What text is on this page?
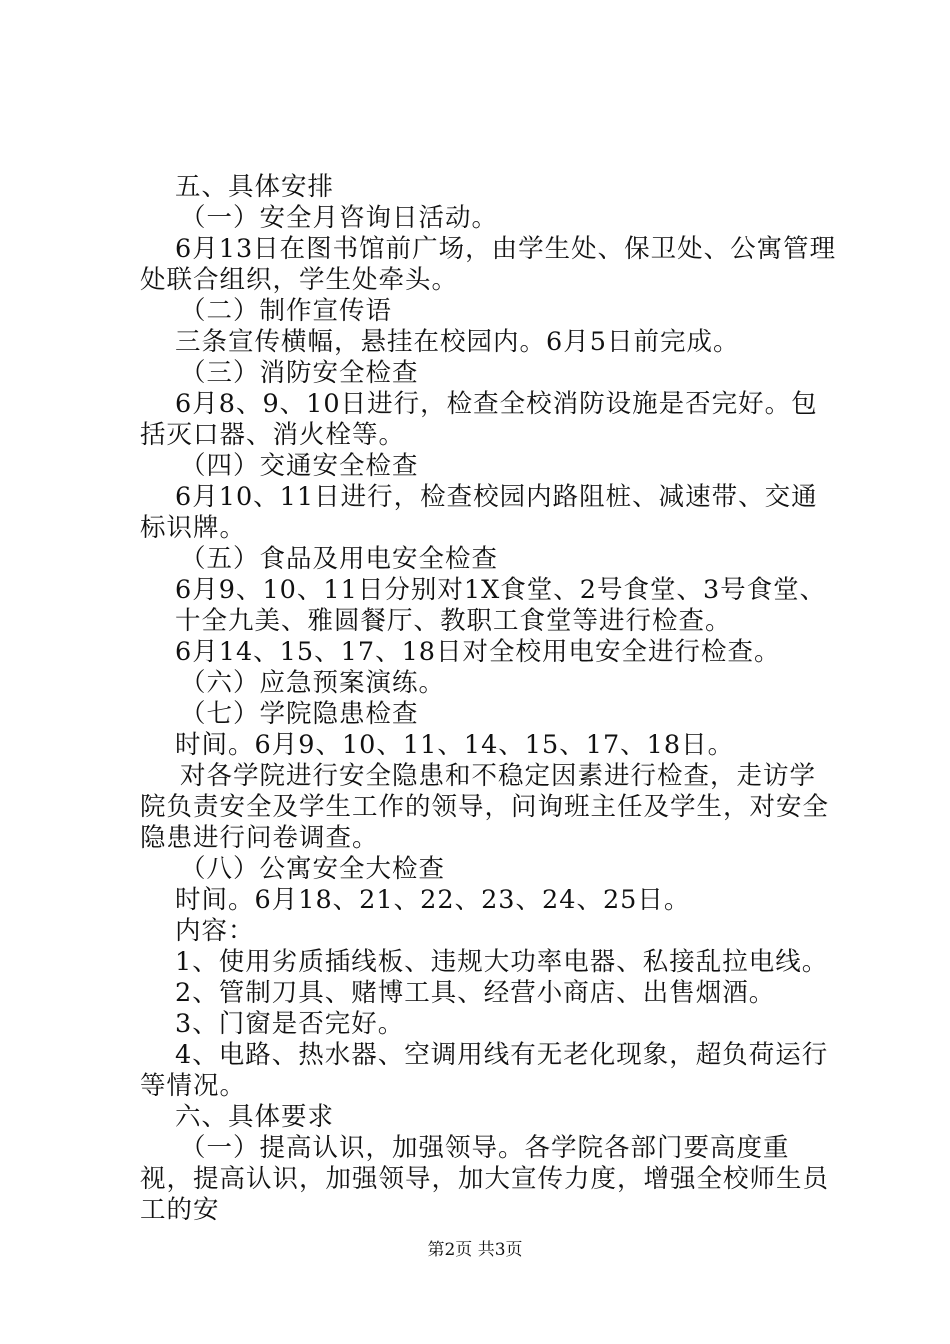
五、具体安排

（一）安全月咨询日活动。

6月13日在图书馆前广场，由学生处、保卫处、公寓管理处联合组织，学生处牵头。

（二）制作宣传语

三条宣传横幅，悬挂在校园内。6月5日前完成。

（三）消防安全检查

6月8、9、10日进行，检查全校消防设施是否完好。包括灭口器、消火栓等。

（四）交通安全检查

6月10、11日进行，检查校园内路阻桩、减速带、交通标识牌。

（五）食品及用电安全检查

6月9、10、11日分别对1X食堂、2号食堂、3号食堂、

十全九美、雅圆餐厅、教职工食堂等进行检查。

6月14、15、17、18日对全校用电安全进行检查。

（六）应急预案演练。

（七）学院隐患检查

时间。6月9、10、11、14、15、17、18日。

对各学院进行安全隐患和不稳定因素进行检查，走访学院负责安全及学生工作的领导，问询班主任及学生，对安全隐患进行问卷调查。

（八）公寓安全大检查

时间。6月18、21、22、23、24、25日。

内容：

1、使用劣质插线板、违规大功率电器、私接乱拉电线。

2、管制刀具、赌博工具、经营小商店、出售烟酒。

3、门窗是否完好。

4、电路、热水器、空调用线有无老化现象，超负荷运行等情况。

六、具体要求

（一）提高认识，加强领导。各学院各部门要高度重视，提高认识，加强领导，加大宣传力度，增强全校师生员工的安

第2页 共3页
